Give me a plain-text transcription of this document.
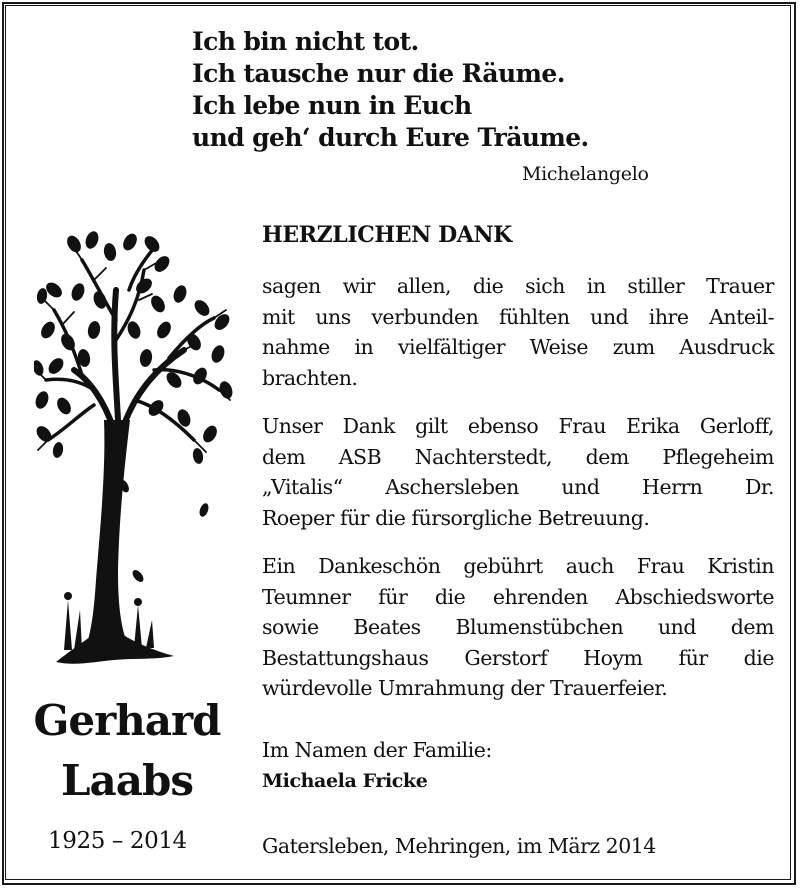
Ich bin nicht tot.
Ich tausche nur die Räume.
Ich lebe nun in Euch
und geh‘ durch Eure Träume.
Michelangelo
Gerhard
Laabs
1925 – 2014
HERZLICHEN DANK
sagen wir allen, die sich in stiller Trauer
mit uns verbunden fühlten und ihre Anteil-
nahme in vielfältiger Weise zum Ausdruck
brachten.
Unser Dank gilt ebenso Frau Erika Gerloff,
dem ASB Nachterstedt, dem Pflegeheim
„Vitalis“ Aschersleben und Herrn Dr.
Roeper für die fürsorgliche Betreuung.
Ein Dankeschön gebührt auch Frau Kristin
Teumner für die ehrenden Abschiedsworte
sowie Beates Blumenstübchen und dem
Bestattungshaus Gerstorf Hoym für die
würdevolle Umrahmung der Trauerfeier.
Im Namen der Familie:
Michaela Fricke
Gatersleben, Mehringen, im März 2014
